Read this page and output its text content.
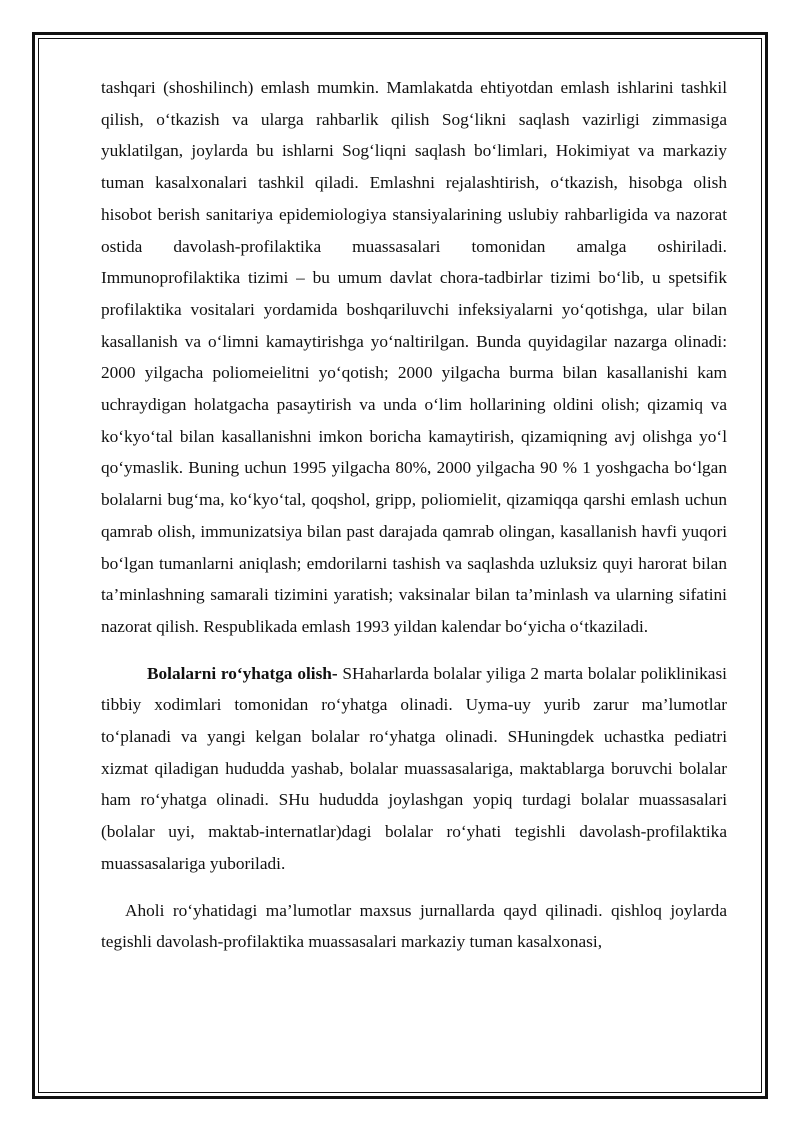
tashqari (shoshilinch) emlash mumkin. Mamlakatda ehtiyotdan emlash ishlarini tashkil qilish, o‘tkazish va ularga rahbarlik qilish Sog‘likni saqlash vazirligi zimmasiga yuklatilgan, joylarda bu ishlarni Sog‘liqni saqlash bo‘limlari, Hokimiyat va markaziy tuman kasalxonalari tashkil qiladi. Emlashni rejalashtirish, o‘tkazish, hisobga olish hisobot berish sanitariya epidemiologiya stansiyalarining uslubiy rahbarligida va nazorat ostida davolash-profilaktika muassasalari tomonidan amalga oshiriladi. Immunoprofilaktika tizimi – bu umum davlat chora-tadbirlar tizimi bo‘lib, u spetsifik profilaktika vositalari yordamida boshqariluvchi infeksiyalarni yo‘qotishga, ular bilan kasallanish va o‘limni kamaytirishga yo‘naltirilgan. Bunda quyidagilar nazarga olinadi: 2000 yilgacha poliomeielitni yo‘qotish; 2000 yilgacha burma bilan kasallanishi kam uchraydigan holatgacha pasaytirish va unda o‘lim hollarining oldini olish; qizamiq va ko‘kyo‘tal bilan kasallanishni imkon boricha kamaytirish, qizamiqning avj olishga yo‘l qo‘ymaslik. Buning uchun 1995 yilgacha 80%, 2000 yilgacha 90 % 1 yoshgacha bo‘lgan bolalarni bug‘ma, ko‘kyo‘tal, qoqshol, gripp, poliomielit, qizamiqqa qarshi emlash uchun qamrab olish, immunizatsiya bilan past darajada qamrab olingan, kasallanish havfi yuqori bo‘lgan tumanlarni aniqlash; emdorilarni tashish va saqlashda uzluksiz quyi harorat bilan ta’minlashning samarali tizimini yaratish; vaksinalar bilan ta’minlash va ularning sifatini nazorat qilish. Respublikada emlash 1993 yildan kalendar bo‘yicha o‘tkaziladi.

Bolalarni ro‘yhatga olish- SHaharlarda bolalar yiliga 2 marta bolalar poliklinikasi tibbiy xodimlari tomonidan ro‘yhatga olinadi. Uyma-uy yurib zarur ma’lumotlar to‘planadi va yangi kelgan bolalar ro‘yhatga olinadi. SHuningdek uchastka pediatri xizmat qiladigan hududda yashab, bolalar muassasalariga, maktablarga boruvchi bolalar ham ro‘yhatga olinadi. SHu hududda joylashgan yopiq turdagi bolalar muassasalari (bolalar uyi, maktab-internatlar)dagi bolalar ro‘yhati tegishli davolash-profilaktika muassasalariga yuboriladi.

Aholi ro‘yhatidagi ma’lumotlar maxsus jurnallarda qayd qilinadi. qishloq joylarda tegishli davolash-profilaktika muassasalari markaziy tuman kasalxonasi,
